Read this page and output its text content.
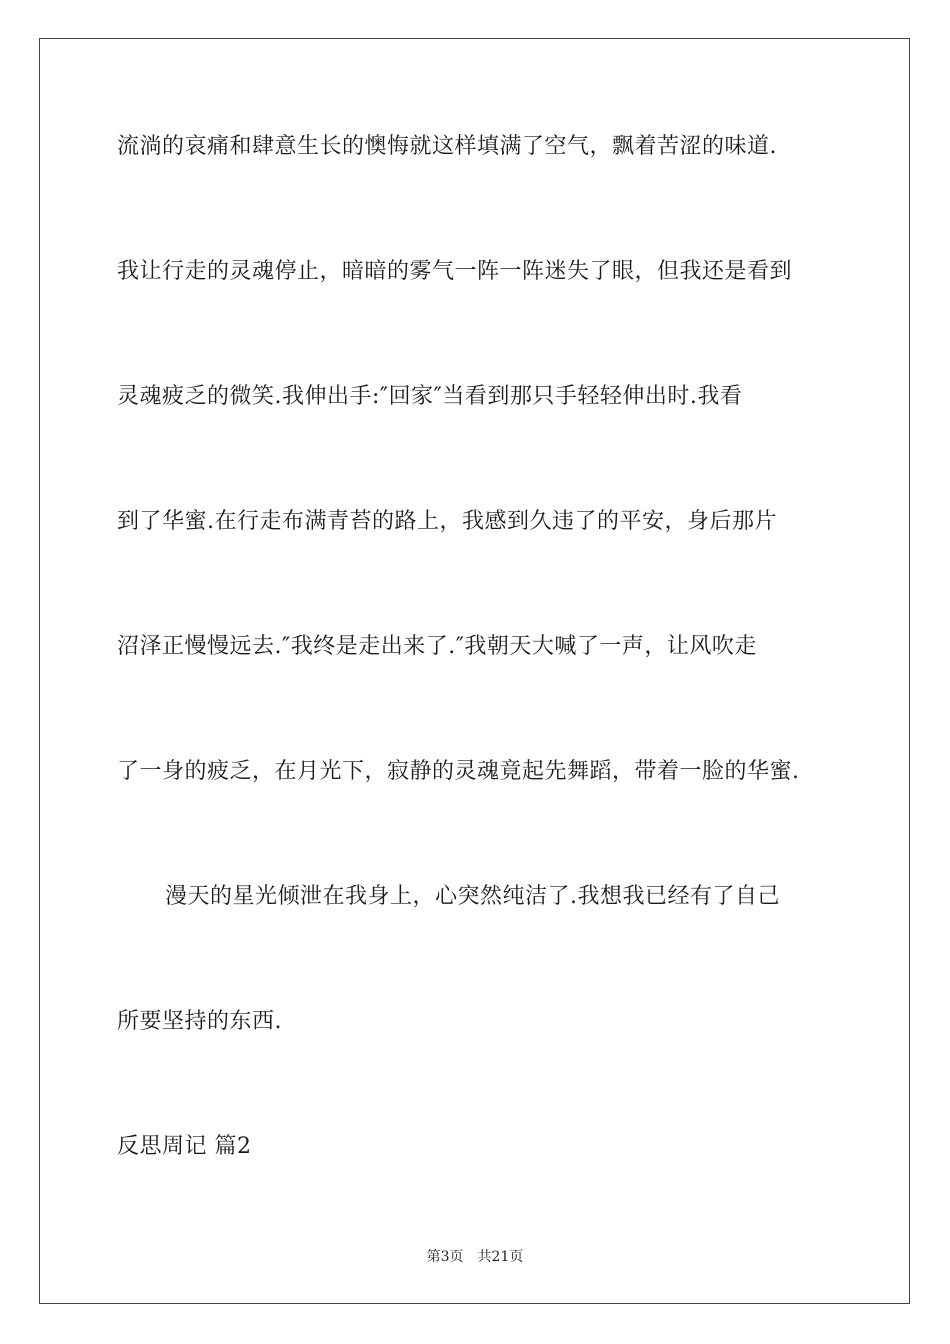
流淌的哀痛和肆意生长的懊悔就这样填满了空气，飘着苦涩的味道.
我让行走的灵魂停止，暗暗的雾气一阵一阵迷失了眼，但我还是看到
灵魂疲乏的微笑.我伸出手:″回家″当看到那只手轻轻伸出时.我看
到了华蜜.在行走布满青苔的路上，我感到久违了的平安，身后那片
沼泽正慢慢远去.″我终是走出来了.″我朝天大喊了一声，让风吹走
了一身的疲乏，在月光下，寂静的灵魂竟起先舞蹈，带着一脸的华蜜.
漫天的星光倾泄在我身上，心突然纯洁了.我想我已经有了自己
所要坚持的东西.
反思周记 篇2
第3页 共21页
